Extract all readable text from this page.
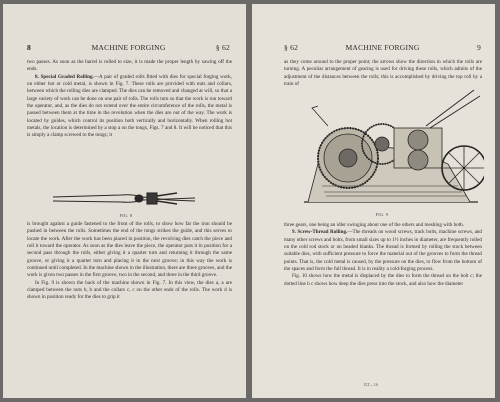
8	MACHINE FORGING	§ 62

two passes. As soon as the barrel is rolled to size, it is made the proper length by sawing off the ends.

8. Special Graded Rolling.—A pair of graded rolls fitted with dies for special forging work, on either hot or cold metal, is shown in Fig. 7. These rolls are provided with nuts and collars, between which the rolling dies are clamped. The dies can be removed and changed at will, so that a large variety of work can be done on one pair of rolls. The rolls turn so that the work is run toward the operator, and, as the dies do not extend over the entire circumference of the rolls, the metal is passed between them at the time in the revolution when the dies are out of the way. The work is located by guides, which control its position both vertically and horizontally. When rolling hot metals, the location is determined by a stop a on the tongs, Figs. 7 and 8. It will be noticed that this is simply a clamp screwed to the tongs; it

FIG. 8

is brought against a guide fastened to the front of the rolls, to show how far the iron should be pushed in between the rolls. Sometimes the end of the tongs strikes the guide, and this serves to locate the work. After the work has been placed in position, the revolving dies catch the piece and roll it toward the operator. As soon as the dies leave the piece, the operator puts it in position for a second pass through the rolls, either giving it a quarter turn and returning it through the same groove, or giving it a quarter turn and placing it in the next groove; in this way the work is continued until completed. In the machine shown in the illustration, there are three grooves, and the work is given two passes in the first groove, two in the second, and three in the third groove.

In Fig. 9 is shown the back of the machine shown in Fig. 7. In this view, the dies a, a are clamped between the nuts b, b and the collars c, c on the other ends of the rolls. The work d is shown in position ready for the dies to grip it

§ 62	MACHINE FORGING	9

as they come around to the proper point; the arrows show the direction in which the rolls are turning. A peculiar arrangement of gearing is used for driving these rolls, which admits of the adjustment of the distances between the rolls; this is accomplished by driving the top roll by a train of

FIG. 9

three gears, one being an idler swinging about one of the others and meshing with both.

9. Screw-Thread Rolling.—The threads on wood screws, track bolts, machine screws, and many other screws and bolts, from small sizes up to 1½ inches in diameter, are frequently rolled on the cold rod stock or on headed blanks. The thread is formed by rolling the stock between suitable dies, with sufficient pressure to force the material out of the grooves to form the thread points. That is, the cold metal is caused, by the pressure on the dies, to flow from the bottom of the spaces and form the full thread. It is in reality a cold-forging process.

Fig. 10 shows how the metal is displaced by the dies to form the thread on the bolt c; the dotted line b c shows how deep the dies press into the stock, and also how the diameter

ILT—16
